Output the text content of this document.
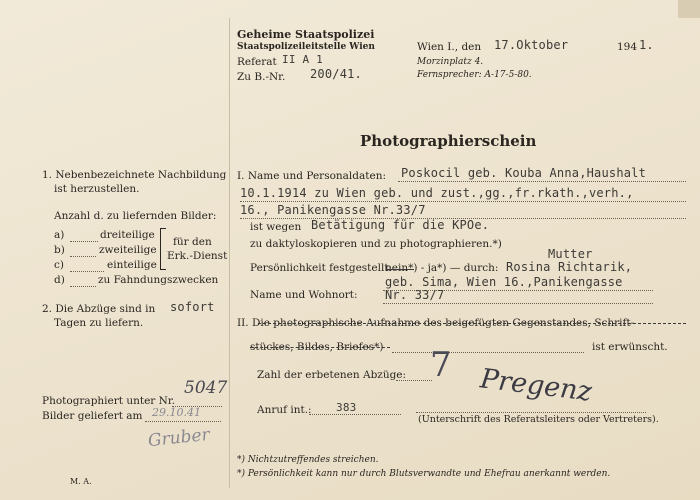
Geheime Staatspolizei
Staatspolizeileitstelle Wien
Referat II A 1
Zu B.-Nr. 200/41.
Wien I., den 17.Oktober	194 1.
Morzinplatz 4.
Fernsprecher: A-17-5-80.
Photographierschein
1. Nebenbezeichnete Nachbildung
ist herzustellen.
Anzahl d. zu liefernden Bilder:
a)	dreiteilige
b)	zweiteilige
c)	einteilige
d)	zu Fahndungszwecken
für den
Erk.-Dienst
2. Die Abzüge sind in sofort
Tagen zu liefern.
Photographiert unter Nr.
5047
Bilder geliefert am 29.10.41
Gruber
M. A.
I. Name und Personaldaten: Poskocil geb. Kouba Anna,Haushalt
10.1.1914 zu Wien geb. und zust.,gg.,fr.rkath.,verh.,
16., Panikengasse Nr.33/7
ist wegen Betätigung für die KPOe.
zu daktyloskopieren und zu photographieren.*)
Mutter
Persönlichkeit festgestellt:
nein*) - ja*) — durch: Rosina Richtarik,
geb. Sima, Wien 16.,Panikengasse
Name und Wohnort: Nr. 33/7
II. Die photographische Aufnahme des beigefügten Gegenstandes, Schrift-
stückes, Bildes, Briefes*)	ist erwünscht.
Zahl der erbetenen Abzüge: 7
Anruf int.: 383	Pregenz
(Unterschrift des Referatsleiters oder Vertreters).
*) Nichtzutreffendes streichen.
*) Persönlichkeit kann nur durch Blutsverwandte und Ehefrau anerkannt werden.
